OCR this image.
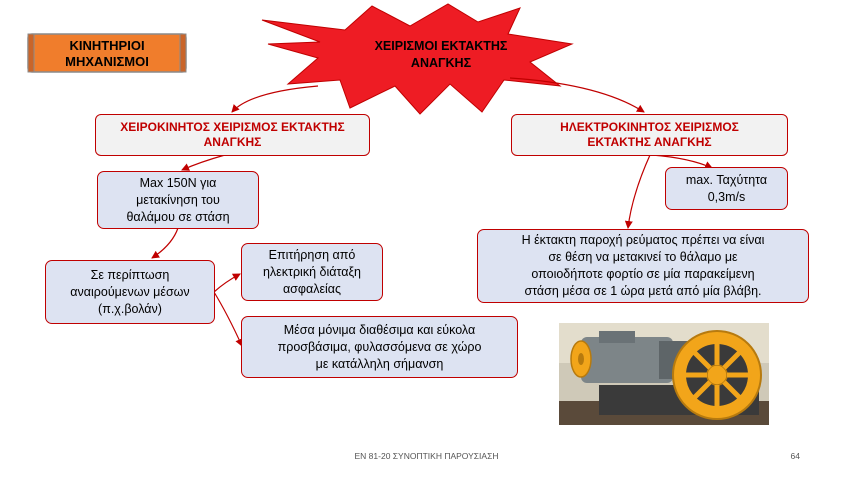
ΚΙΝΗΤΗΡΙΟΙ
ΜΗΧΑΝΙΣΜΟΙ
ΧΕΙΡΙΣΜΟΙ ΕΚΤΑΚΤΗΣ
ΑΝΑΓΚΗΣ
ΧΕΙΡΟΚΙΝΗΤΟΣ ΧΕΙΡΙΣΜΟΣ ΕΚΤΑΚΤΗΣ
ΑΝΑΓΚΗΣ
Max 150N για
μετακίνηση του
θαλάμου σε στάση
Σε περίπτωση
αναιρούμενων μέσων
(π.χ.βολάν)
Επιτήρηση από
ηλεκτρική διάταξη
ασφαλείας
Μέσα μόνιμα διαθέσιμα και εύκολα
προσβάσιμα, φυλασσόμενα σε χώρο
με κατάλληλη σήμανση
ΗΛΕΚΤΡΟΚΙΝΗΤΟΣ ΧΕΙΡΙΣΜΟΣ
ΕΚΤΑΚΤΗΣ ΑΝΑΓΚΗΣ
max. Ταχύτητα
0,3m/s
Η έκτακτη παροχή ρεύματος πρέπει να είναι
σε θέση να μετακινεί το θάλαμο με
οποιοδήποτε φορτίο σε μία παρακείμενη
στάση μέσα σε 1 ώρα μετά από μία βλάβη.
EN 81-20 ΣΥΝΟΠΤΙΚΗ ΠΑΡΟΥΣΙΑΣΗ	64
